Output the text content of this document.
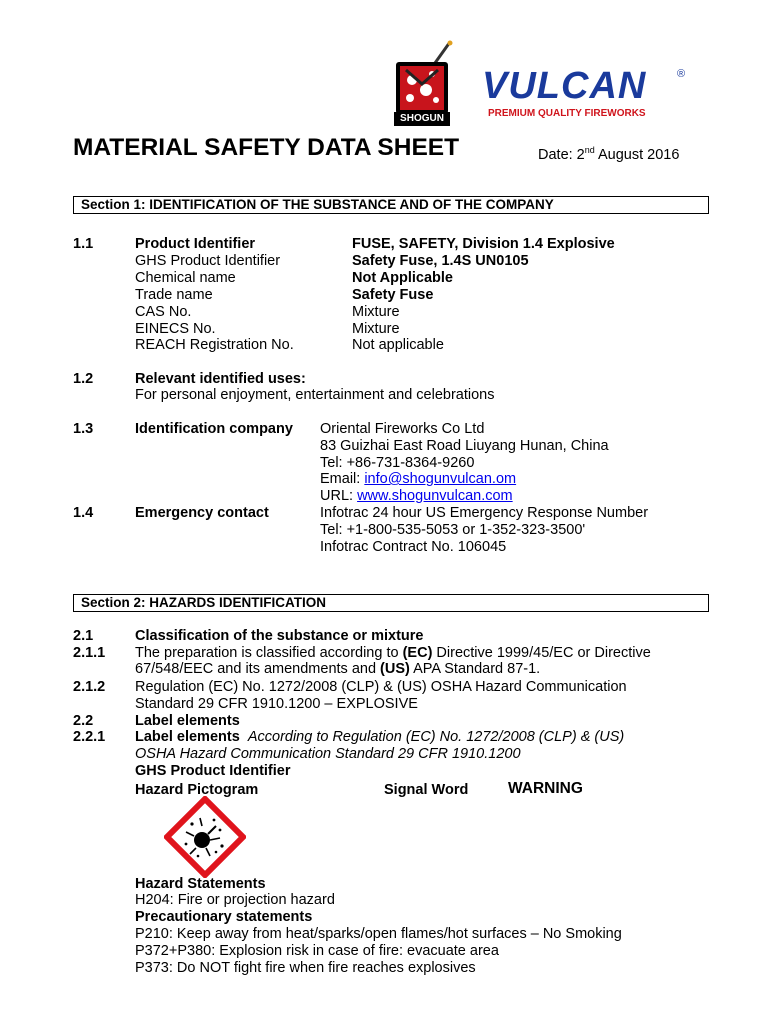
SHOGUN
VULCAN	®
PREMIUM QUALITY FIREWORKS
MATERIAL SAFETY DATA SHEET	Date: 2nd August 2016
Section 1: IDENTIFICATION OF THE SUBSTANCE AND OF THE COMPANY
1.1	Product Identifier	FUSE, SAFETY, Division 1.4 Explosive
GHS Product Identifier	Safety Fuse, 1.4S UN0105
Chemical name	Not Applicable
Trade name	Safety Fuse
CAS No.	Mixture
EINECS No.	Mixture
REACH Registration No.	Not applicable
1.2	Relevant identified uses:
For personal enjoyment, entertainment and celebrations
1.3	Identification company Oriental Fireworks Co Ltd
83 Guizhai East Road Liuyang Hunan, China
Tel: +86-731-8364-9260
Email: info@shogunvulcan.om
URL: www.shogunvulcan.com
1.4	Emergency contact	Infotrac 24 hour US Emergency Response Number
Tel: +1-800-535-5053 or 1-352-323-3500'
Infotrac Contract No. 106045
Section 2: HAZARDS IDENTIFICATION
2.1	Classification of the substance or mixture
2.1.1 The preparation is classified according to (EC) Directive 1999/45/EC or Directive
67/548/EEC and its amendments and (US) APA Standard 87-1.
2.1.2 Regulation (EC) No. 1272/2008 (CLP) & (US) OSHA Hazard Communication
Standard 29 CFR 1910.1200 – EXPLOSIVE
2.2	Label elements
2.2.1 Label elements According to Regulation (EC) No. 1272/2008 (CLP) & (US)
OSHA Hazard Communication Standard 29 CFR 1910.1200
GHS Product Identifier
Hazard Pictogram	Signal Word	WARNING
Hazard Statements
H204: Fire or projection hazard
Precautionary statements
P210: Keep away from heat/sparks/open flames/hot surfaces – No Smoking
P372+P380: Explosion risk in case of fire: evacuate area
P373: Do NOT fight fire when fire reaches explosives
